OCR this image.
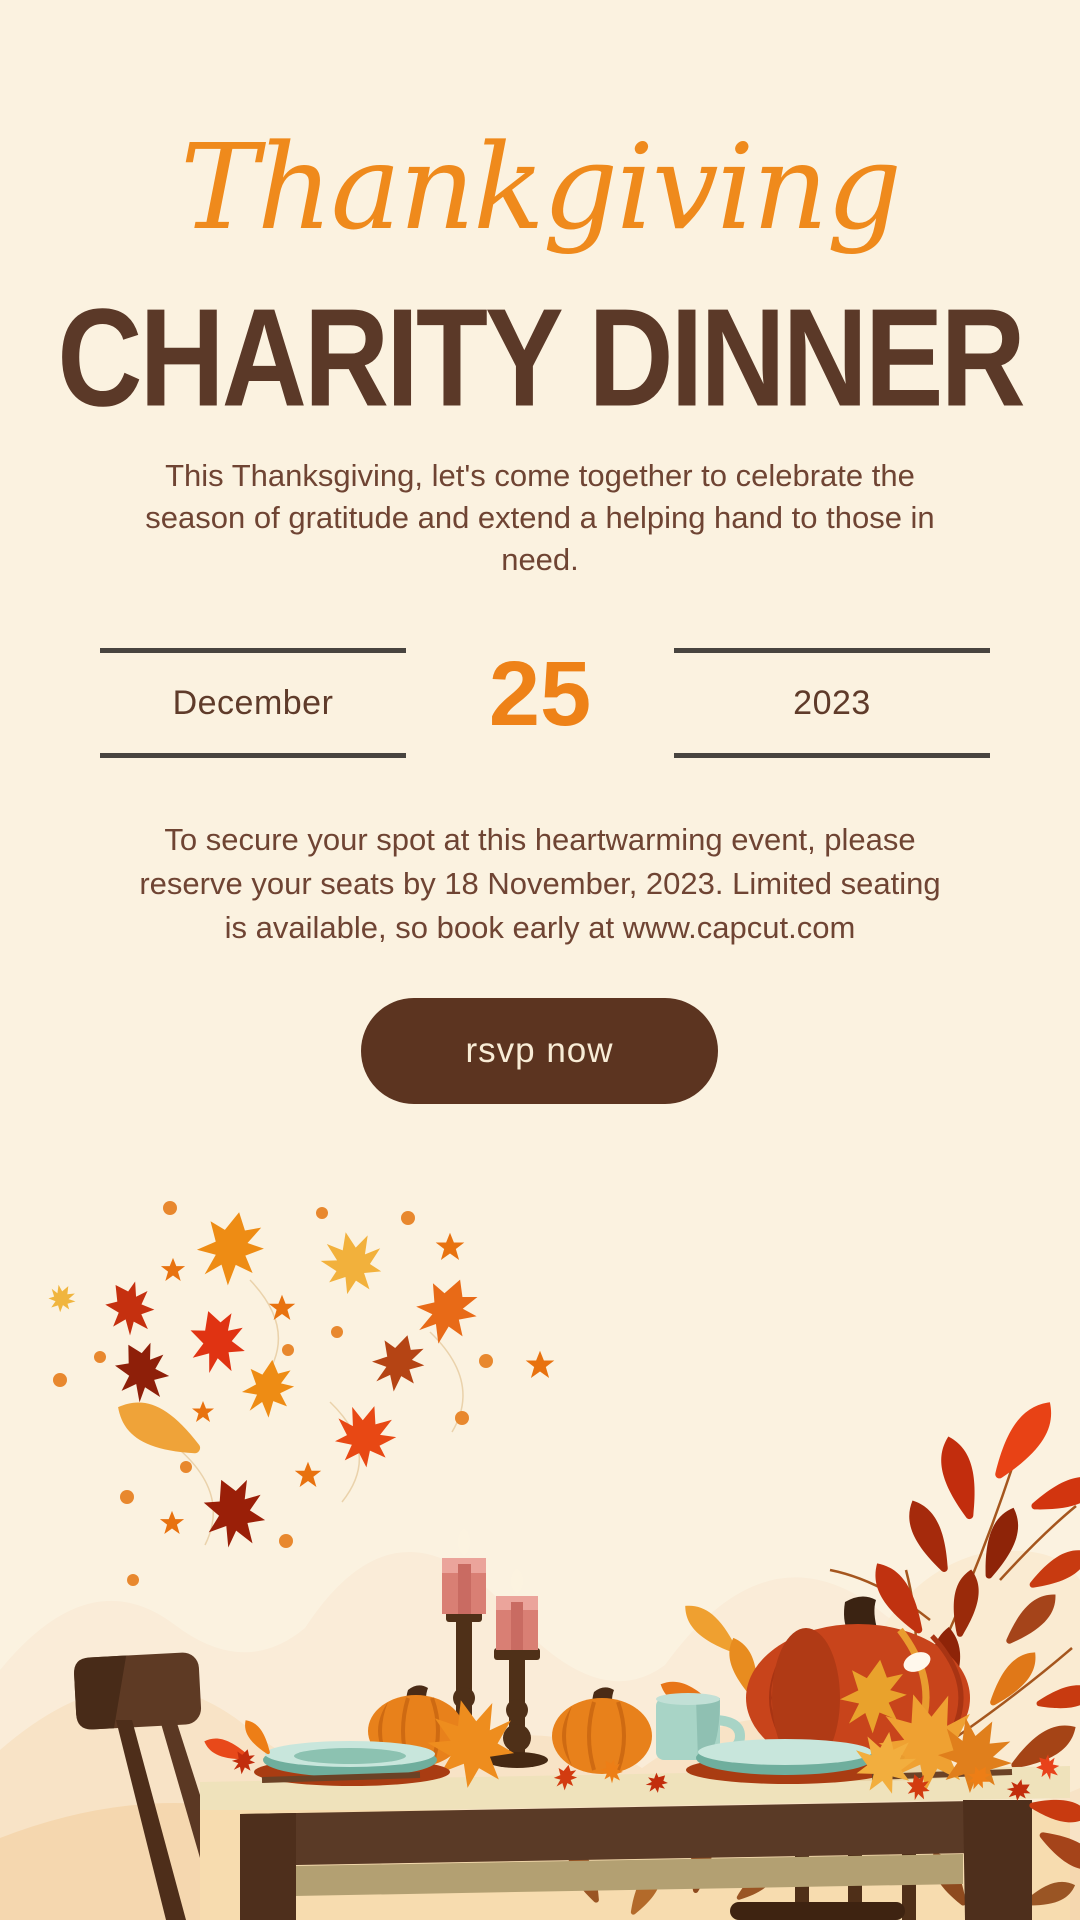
Thankgiving
CHARITY DINNER
This Thanksgiving, let's come together to celebrate the
season of gratitude and extend a helping hand to those in
need.
December	25	2023
To secure your spot at this heartwarming event, please
reserve your seats by 18 November, 2023. Limited seating
is available, so book early at www.capcut.com
rsvp now
